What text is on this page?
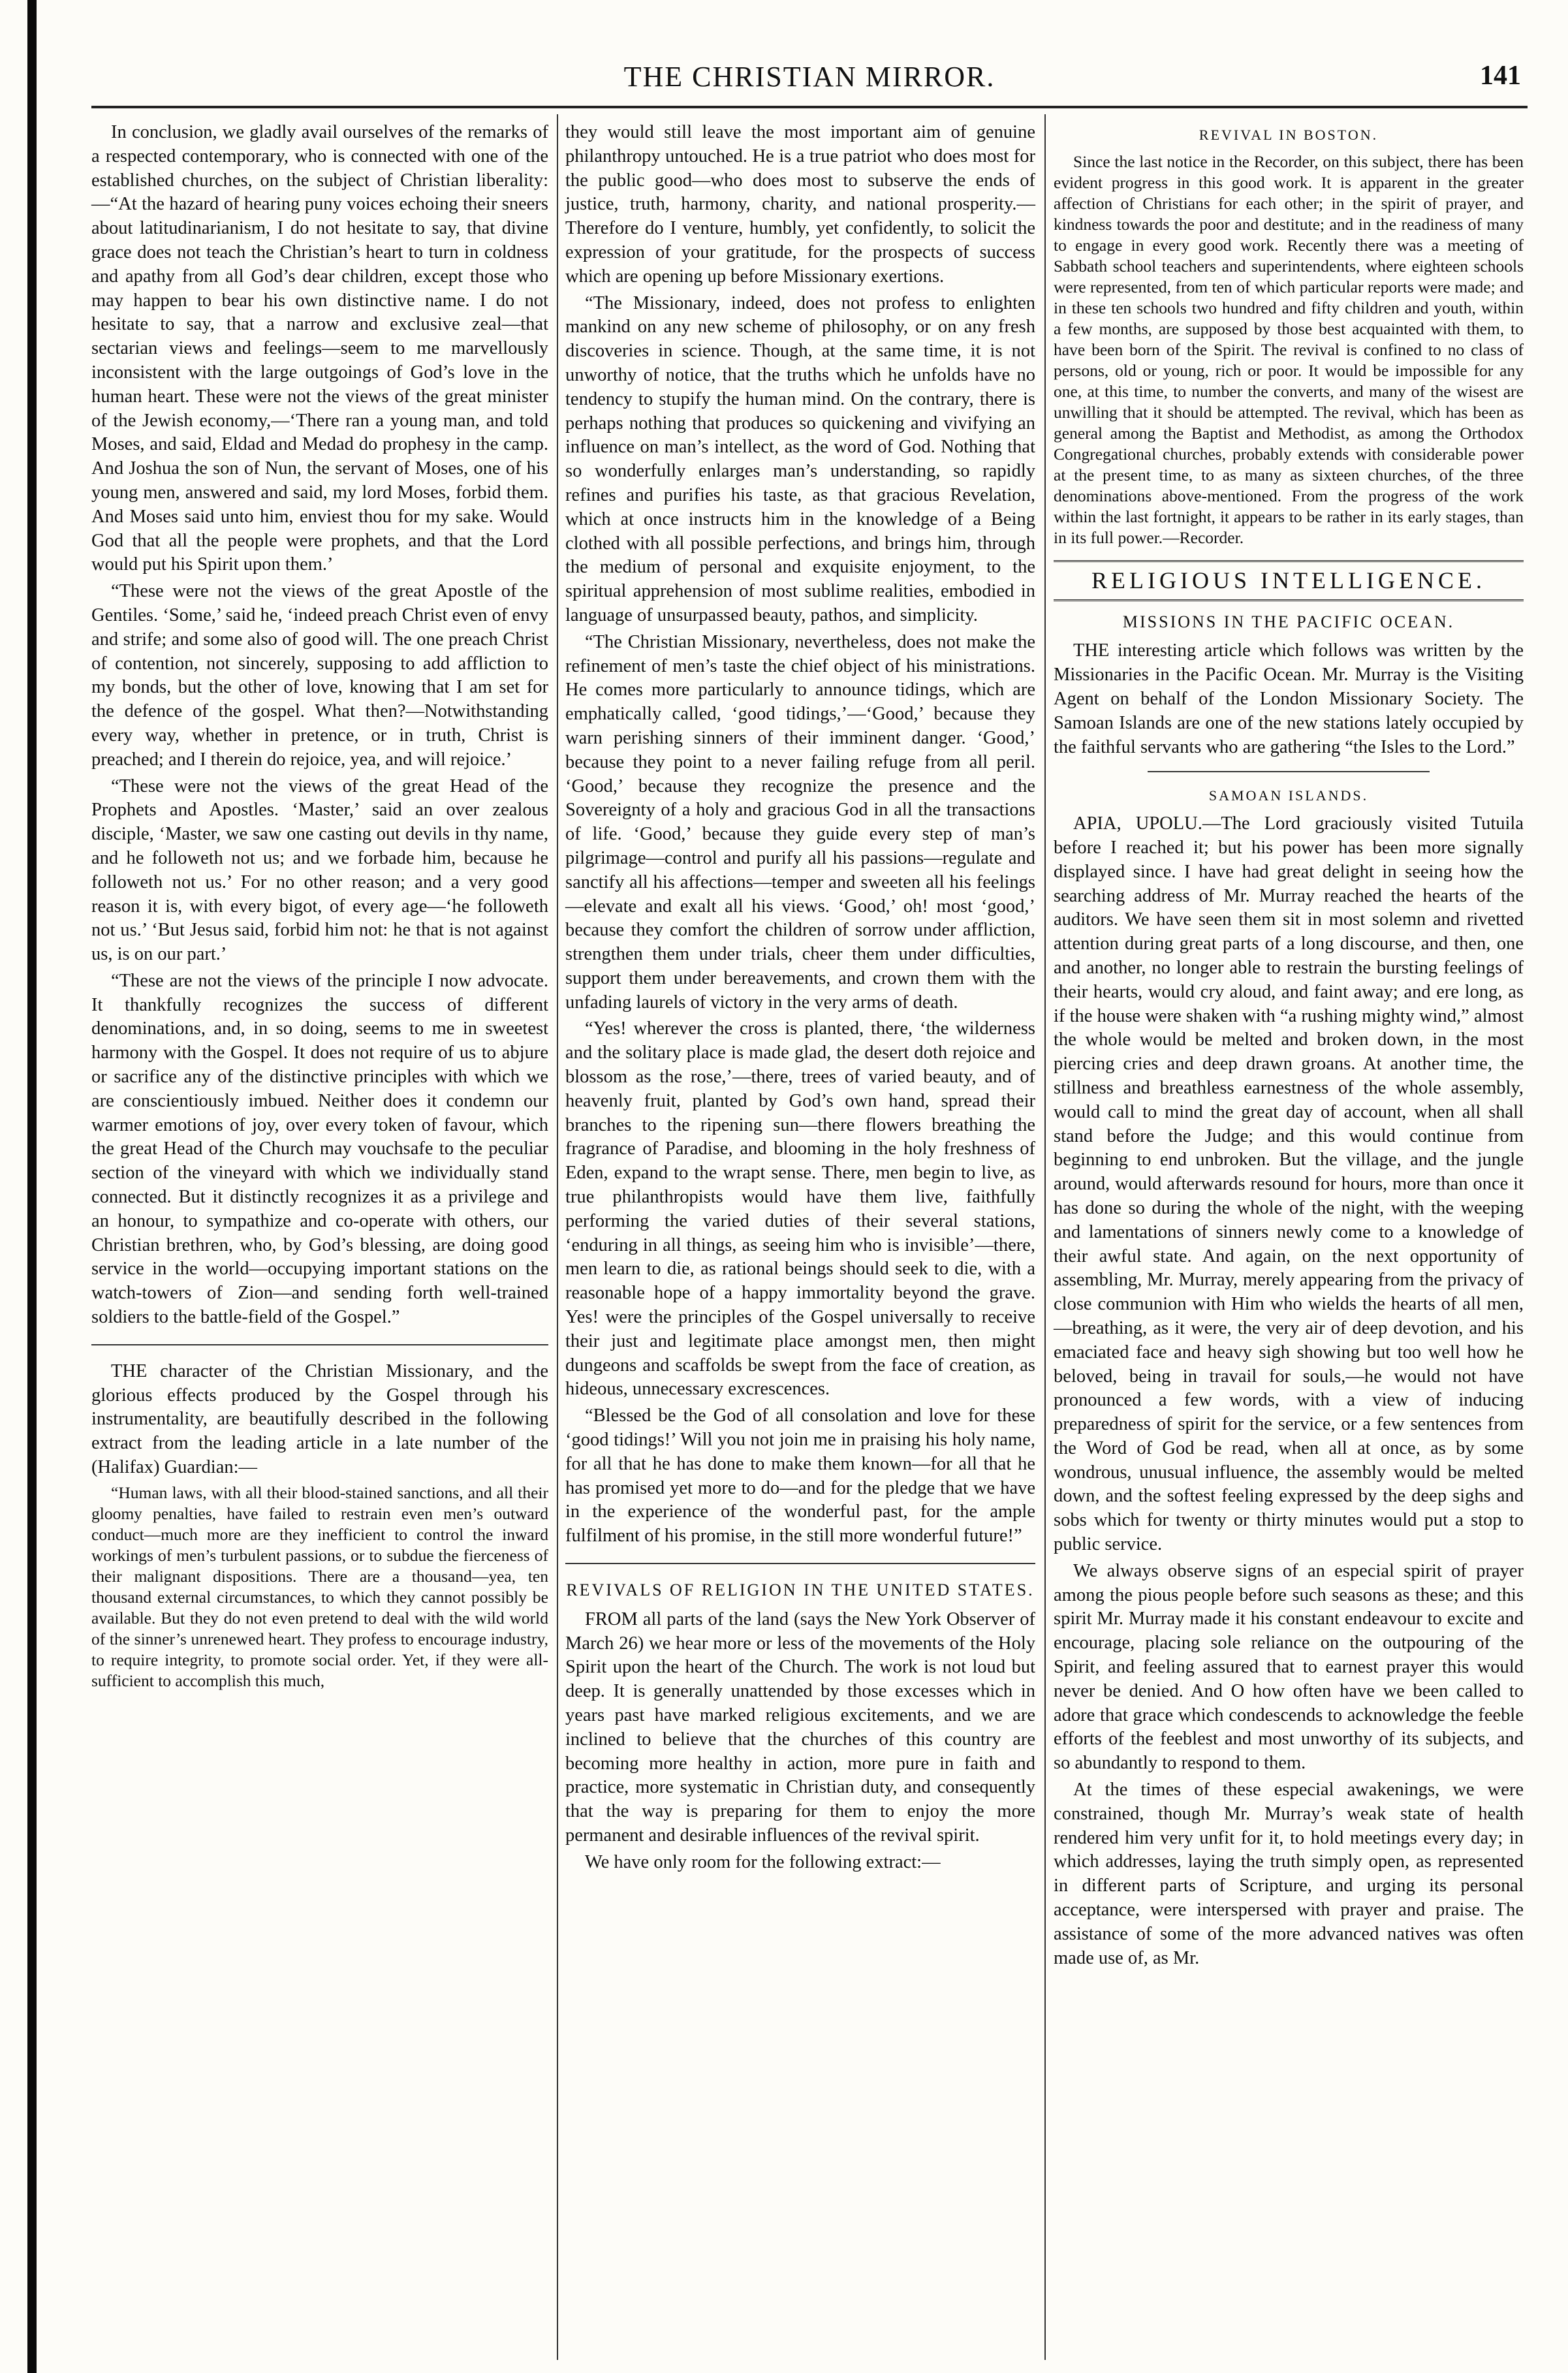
THE CHRISTIAN MIRROR.	141

In conclusion, we gladly avail ourselves of the remarks of a respected contemporary, who is connected with one of the established churches, on the subject of Christian liberality:—“At the hazard of hearing puny voices echoing their sneers about latitudinarianism, I do not hesitate to say, that divine grace does not teach the Christian’s heart to turn in coldness and apathy from all God’s dear children, except those who may happen to bear his own distinctive name. I do not hesitate to say, that a narrow and exclusive zeal—that sectarian views and feelings—seem to me marvellously inconsistent with the large outgoings of God’s love in the human heart. These were not the views of the great minister of the Jewish economy,—‘There ran a young man, and told Moses, and said, Eldad and Medad do prophesy in the camp. And Joshua the son of Nun, the servant of Moses, one of his young men, answered and said, my lord Moses, forbid them. And Moses said unto him, enviest thou for my sake. Would God that all the people were prophets, and that the Lord would put his Spirit upon them.’

“These were not the views of the great Apostle of the Gentiles. ‘Some,’ said he, ‘indeed preach Christ even of envy and strife; and some also of good will. The one preach Christ of contention, not sincerely, supposing to add affliction to my bonds, but the other of love, knowing that I am set for the defence of the gospel. What then?—Notwithstanding every way, whether in pretence, or in truth, Christ is preached; and I therein do rejoice, yea, and will rejoice.’

“These were not the views of the great Head of the Prophets and Apostles. ‘Master,’ said an over zealous disciple, ‘Master, we saw one casting out devils in thy name, and he followeth not us; and we forbade him, because he followeth not us.’ For no other reason; and a very good reason it is, with every bigot, of every age—‘he followeth not us.’ ‘But Jesus said, forbid him not: he that is not against us, is on our part.’

“These are not the views of the principle I now advocate. It thankfully recognizes the success of different denominations, and, in so doing, seems to me in sweetest harmony with the Gospel. It does not require of us to abjure or sacrifice any of the distinctive principles with which we are conscientiously imbued. Neither does it condemn our warmer emotions of joy, over every token of favour, which the great Head of the Church may vouchsafe to the peculiar section of the vineyard with which we individually stand connected. But it distinctly recognizes it as a privilege and an honour, to sympathize and co-operate with others, our Christian brethren, who, by God’s blessing, are doing good service in the world—occupying important stations on the watch-towers of Zion—and sending forth well-trained soldiers to the battle-field of the Gospel.”

THE character of the Christian Missionary, and the glorious effects produced by the Gospel through his instrumentality, are beautifully described in the following extract from the leading article in a late number of the (Halifax) Guardian:—

“Human laws, with all their blood-stained sanctions, and all their gloomy penalties, have failed to restrain even men’s outward conduct—much more are they inefficient to control the inward workings of men’s turbulent passions, or to subdue the fierceness of their malignant dispositions. There are a thousand—yea, ten thousand external circumstances, to which they cannot possibly be available. But they do not even pretend to deal with the wild world of the sinner’s unrenewed heart. They profess to encourage industry, to require integrity, to promote social order. Yet, if they were all-sufficient to accomplish this much,

they would still leave the most important aim of genuine philanthropy untouched. He is a true patriot who does most for the public good—who does most to subserve the ends of justice, truth, harmony, charity, and national prosperity.—Therefore do I venture, humbly, yet confidently, to solicit the expression of your gratitude, for the prospects of success which are opening up before Missionary exertions.

“The Missionary, indeed, does not profess to enlighten mankind on any new scheme of philosophy, or on any fresh discoveries in science. Though, at the same time, it is not unworthy of notice, that the truths which he unfolds have no tendency to stupify the human mind. On the contrary, there is perhaps nothing that produces so quickening and vivifying an influence on man’s intellect, as the word of God. Nothing that so wonderfully enlarges man’s understanding, so rapidly refines and purifies his taste, as that gracious Revelation, which at once instructs him in the knowledge of a Being clothed with all possible perfections, and brings him, through the medium of personal and exquisite enjoyment, to the spiritual apprehension of most sublime realities, embodied in language of unsurpassed beauty, pathos, and simplicity.

“The Christian Missionary, nevertheless, does not make the refinement of men’s taste the chief object of his ministrations. He comes more particularly to announce tidings, which are emphatically called, ‘good tidings,’—‘Good,’ because they warn perishing sinners of their imminent danger. ‘Good,’ because they point to a never failing refuge from all peril. ‘Good,’ because they recognize the presence and the Sovereignty of a holy and gracious God in all the transactions of life. ‘Good,’ because they guide every step of man’s pilgrimage—control and purify all his passions—regulate and sanctify all his affections—temper and sweeten all his feelings—elevate and exalt all his views. ‘Good,’ oh! most ‘good,’ because they comfort the children of sorrow under affliction, strengthen them under trials, cheer them under difficulties, support them under bereavements, and crown them with the unfading laurels of victory in the very arms of death.

“Yes! wherever the cross is planted, there, ‘the wilderness and the solitary place is made glad, the desert doth rejoice and blossom as the rose,’—there, trees of varied beauty, and of heavenly fruit, planted by God’s own hand, spread their branches to the ripening sun—there flowers breathing the fragrance of Paradise, and blooming in the holy freshness of Eden, expand to the wrapt sense. There, men begin to live, as true philanthropists would have them live, faithfully performing the varied duties of their several stations, ‘enduring in all things, as seeing him who is invisible’—there, men learn to die, as rational beings should seek to die, with a reasonable hope of a happy immortality beyond the grave. Yes! were the principles of the Gospel universally to receive their just and legitimate place amongst men, then might dungeons and scaffolds be swept from the face of creation, as hideous, unnecessary excrescences.

“Blessed be the God of all consolation and love for these ‘good tidings!’ Will you not join me in praising his holy name, for all that he has done to make them known—for all that he has promised yet more to do—and for the pledge that we have in the experience of the wonderful past, for the ample fulfilment of his promise, in the still more wonderful future!”

REVIVALS OF RELIGION IN THE UNITED STATES.

FROM all parts of the land (says the New York Observer of March 26) we hear more or less of the movements of the Holy Spirit upon the heart of the Church. The work is not loud but deep. It is generally unattended by those excesses which in years past have marked religious excitements, and we are inclined to believe that the churches of this country are becoming more healthy in action, more pure in faith and practice, more systematic in Christian duty, and consequently that the way is preparing for them to enjoy the more permanent and desirable influences of the revival spirit.

We have only room for the following extract:—

REVIVAL IN BOSTON.

Since the last notice in the Recorder, on this subject, there has been evident progress in this good work. It is apparent in the greater affection of Christians for each other; in the spirit of prayer, and kindness towards the poor and destitute; and in the readiness of many to engage in every good work. Recently there was a meeting of Sabbath school teachers and superintendents, where eighteen schools were represented, from ten of which particular reports were made; and in these ten schools two hundred and fifty children and youth, within a few months, are supposed by those best acquainted with them, to have been born of the Spirit. The revival is confined to no class of persons, old or young, rich or poor. It would be impossible for any one, at this time, to number the converts, and many of the wisest are unwilling that it should be attempted. The revival, which has been as general among the Baptist and Methodist, as among the Orthodox Congregational churches, probably extends with considerable power at the present time, to as many as sixteen churches, of the three denominations above-mentioned. From the progress of the work within the last fortnight, it appears to be rather in its early stages, than in its full power.—Recorder.

RELIGIOUS INTELLIGENCE.
MISSIONS IN THE PACIFIC OCEAN.

THE interesting article which follows was written by the Missionaries in the Pacific Ocean. Mr. Murray is the Visiting Agent on behalf of the London Missionary Society. The Samoan Islands are one of the new stations lately occupied by the faithful servants who are gathering “the Isles to the Lord.”

SAMOAN ISLANDS.

APIA, UPOLU.—The Lord graciously visited Tutuila before I reached it; but his power has been more signally displayed since. I have had great delight in seeing how the searching address of Mr. Murray reached the hearts of the auditors. We have seen them sit in most solemn and rivetted attention during great parts of a long discourse, and then, one and another, no longer able to restrain the bursting feelings of their hearts, would cry aloud, and faint away; and ere long, as if the house were shaken with “a rushing mighty wind,” almost the whole would be melted and broken down, in the most piercing cries and deep drawn groans. At another time, the stillness and breathless earnestness of the whole assembly, would call to mind the great day of account, when all shall stand before the Judge; and this would continue from beginning to end unbroken. But the village, and the jungle around, would afterwards resound for hours, more than once it has done so during the whole of the night, with the weeping and lamentations of sinners newly come to a knowledge of their awful state. And again, on the next opportunity of assembling, Mr. Murray, merely appearing from the privacy of close communion with Him who wields the hearts of all men,—breathing, as it were, the very air of deep devotion, and his emaciated face and heavy sigh showing but too well how he beloved, being in travail for souls,—he would not have pronounced a few words, with a view of inducing preparedness of spirit for the service, or a few sentences from the Word of God be read, when all at once, as by some wondrous, unusual influence, the assembly would be melted down, and the softest feeling expressed by the deep sighs and sobs which for twenty or thirty minutes would put a stop to public service.

We always observe signs of an especial spirit of prayer among the pious people before such seasons as these; and this spirit Mr. Murray made it his constant endeavour to excite and encourage, placing sole reliance on the outpouring of the Spirit, and feeling assured that to earnest prayer this would never be denied. And O how often have we been called to adore that grace which condescends to acknowledge the feeble efforts of the feeblest and most unworthy of its subjects, and so abundantly to respond to them.

At the times of these especial awakenings, we were constrained, though Mr. Murray’s weak state of health rendered him very unfit for it, to hold meetings every day; in which addresses, laying the truth simply open, as represented in different parts of Scripture, and urging its personal acceptance, were interspersed with prayer and praise. The assistance of some of the more advanced natives was often made use of, as Mr.
